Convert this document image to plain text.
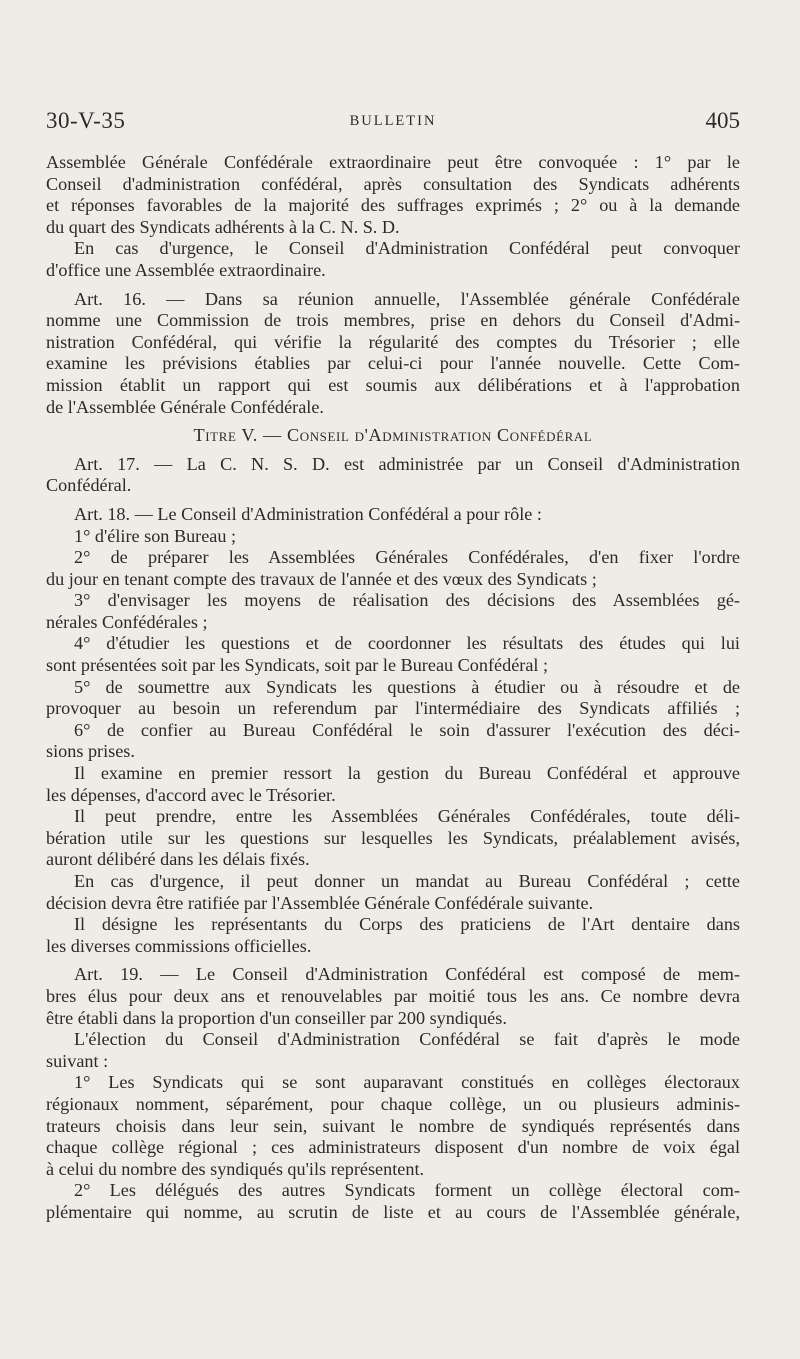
30-V-35	BULLETIN	405
Assemblée Générale Confédérale extraordinaire peut être convoquée : 1° par le
Conseil d'administration confédéral, après consultation des Syndicats adhérents
et réponses favorables de la majorité des suffrages exprimés ; 2° ou à la demande
du quart des Syndicats adhérents à la C. N. S. D.
En cas d'urgence, le Conseil d'Administration Confédéral peut convoquer
d'office une Assemblée extraordinaire.
Art. 16. — Dans sa réunion annuelle, l'Assemblée générale Confédérale
nomme une Commission de trois membres, prise en dehors du Conseil d'Admi-
nistration Confédéral, qui vérifie la régularité des comptes du Trésorier ; elle
examine les prévisions établies par celui-ci pour l'année nouvelle. Cette Com-
mission établit un rapport qui est soumis aux délibérations et à l'approbation
de l'Assemblée Générale Confédérale.
Titre V. — Conseil d'Administration Confédéral
Art. 17. — La C. N. S. D. est administrée par un Conseil d'Administration
Confédéral.
Art. 18. — Le Conseil d'Administration Confédéral a pour rôle :
1° d'élire son Bureau ;
2° de préparer les Assemblées Générales Confédérales, d'en fixer l'ordre
du jour en tenant compte des travaux de l'année et des vœux des Syndicats ;
3° d'envisager les moyens de réalisation des décisions des Assemblées gé-
nérales Confédérales ;
4° d'étudier les questions et de coordonner les résultats des études qui lui
sont présentées soit par les Syndicats, soit par le Bureau Confédéral ;
5° de soumettre aux Syndicats les questions à étudier ou à résoudre et de
provoquer au besoin un referendum par l'intermédiaire des Syndicats affiliés ;
6° de confier au Bureau Confédéral le soin d'assurer l'exécution des déci-
sions prises.
Il examine en premier ressort la gestion du Bureau Confédéral et approuve
les dépenses, d'accord avec le Trésorier.
Il peut prendre, entre les Assemblées Générales Confédérales, toute déli-
bération utile sur les questions sur lesquelles les Syndicats, préalablement avisés,
auront délibéré dans les délais fixés.
En cas d'urgence, il peut donner un mandat au Bureau Confédéral ; cette
décision devra être ratifiée par l'Assemblée Générale Confédérale suivante.
Il désigne les représentants du Corps des praticiens de l'Art dentaire dans
les diverses commissions officielles.
Art. 19. — Le Conseil d'Administration Confédéral est composé de mem-
bres élus pour deux ans et renouvelables par moitié tous les ans. Ce nombre devra
être établi dans la proportion d'un conseiller par 200 syndiqués.
L'élection du Conseil d'Administration Confédéral se fait d'après le mode
suivant :
1° Les Syndicats qui se sont auparavant constitués en collèges électoraux
régionaux nomment, séparément, pour chaque collège, un ou plusieurs adminis-
trateurs choisis dans leur sein, suivant le nombre de syndiqués représentés dans
chaque collège régional ; ces administrateurs disposent d'un nombre de voix égal
à celui du nombre des syndiqués qu'ils représentent.
2° Les délégués des autres Syndicats forment un collège électoral com-
plémentaire qui nomme, au scrutin de liste et au cours de l'Assemblée générale,
